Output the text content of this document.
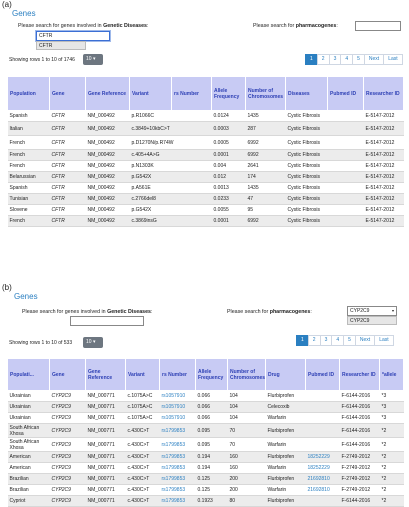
(a)
Genes
Please search for genes involved in Genetic Diseases:
CFTR
CFTR
Please search for pharmacogenes:
Showing rows 1 to 10 of 1746	10 ▾	1	2	3	4	5	Next	Last
Population	Gene	Gene Reference	Variant	rs Number	Allele Frequency	Number of Chromosomes	Diseases	Pubmed ID	Researcher ID
Spanish	CFTR	NM_000492	p.R1066C		0.0124	1435	Cystic Fibrosis		E-5147-2012
Italian	CFTR	NM_000492	c.3849+10kbC>T		0.0003	287	Cystic Fibrosis		E-5147-2012
French	CFTR	NM_000492	p.D1270N/p.R74W		0.0005	6992	Cystic Fibrosis		E-5147-2012
French	CFTR	NM_000492	c.405+4A>G		0.0001	6992	Cystic Fibrosis		E-5147-2012
French	CFTR	NM_000492	p.N1303K		0.004	2641	Cystic Fibrosis		E-5147-2012
Belarussian	CFTR	NM_000492	p.G542X		0.012	174	Cystic Fibrosis		E-5147-2012
Spanish	CFTR	NM_000492	p.A561E		0.0013	1435	Cystic Fibrosis		E-5147-2012
Tunisian	CFTR	NM_000492	c.2766del8		0.0233	47	Cystic Fibrosis		E-5147-2012
Slovene	CFTR	NM_000492	p.G542X		0.0055	95	Cystic Fibrosis		E-5147-2012
French	CFTR	NM_000492	c.3869insG		0.0001	6992	Cystic Fibrosis		E-5147-2012
(b)
Genes
Please search for genes involved in Genetic Diseases:	Please search for pharmacogenes:	CYP2C9	▾
CYP2C9
Showing rows 1 to 10 of 533	10 ▾	1	2	3	4	5	Next	Last
Populati...	Gene	Gene Reference	Variant	rs Number	Allele Frequency	Number of Chromosomes	Drug	Pubmed ID	Researcher ID	*allele
Ukrainian	CYP2C9	NM_000771	c.1075A>C	rs1057910	0.066	104	Flurbiprofen		F-6144-2016	*3
Ukrainian	CYP2C9	NM_000771	c.1075A>C	rs1057910	0.066	104	Celecoxib		F-6144-2016	*3
Ukrainian	CYP2C9	NM_000771	c.1075A>C	rs1057910	0.066	104	Warfarin		F-6144-2016	*3
South African Xhosa	CYP2C9	NM_000771	c.430C>T	rs1799853	0.095	70	Flurbiprofen		F-6144-2016	*2
South African Xhosa	CYP2C9	NM_000771	c.430C>T	rs1799853	0.095	70	Warfarin		F-6144-2016	*2
American	CYP2C9	NM_000771	c.430C>T	rs1799853	0.194	160	Flurbiprofen	18252229	F-2749-2012	*2
American	CYP2C9	NM_000771	c.430C>T	rs1799853	0.194	160	Warfarin	18252229	F-2749-2012	*2
Brazilian	CYP2C9	NM_000771	c.430C>T	rs1799853	0.125	200	Flurbiprofen	21692810	F-2749-2012	*2
Brazilian	CYP2C9	NM_000771	c.430C>T	rs1799853	0.125	200	Warfarin	21692810	F-2749-2012	*2
Cypriot	CYP2C9	NM_000771	c.430C>T	rs1799853	0.1923	80	Flurbiprofen		F-6144-2016	*2
